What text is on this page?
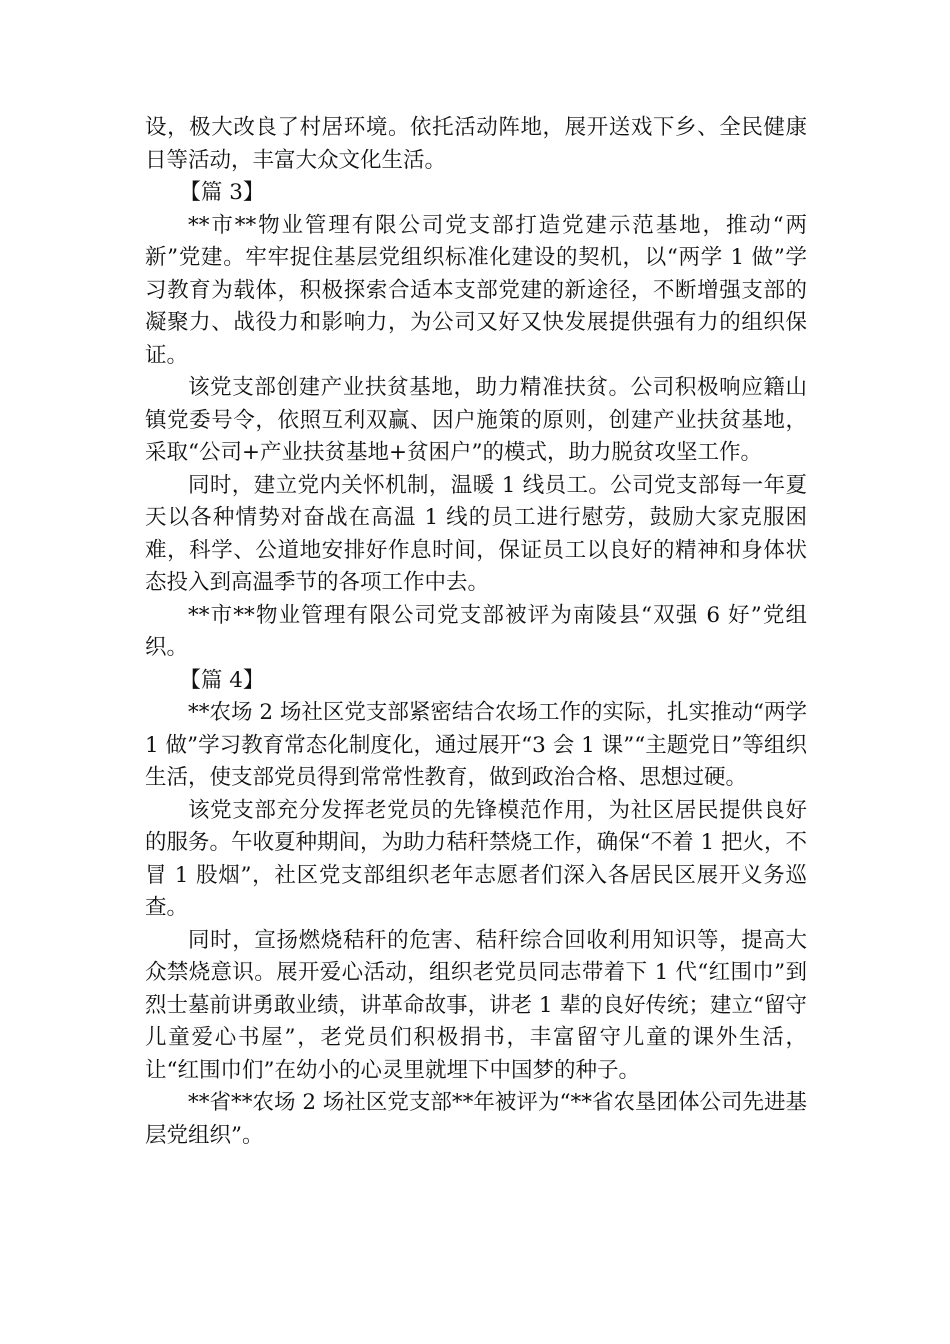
设，极大改良了村居环境。依托活动阵地，展开送戏下乡、全民健康日等活动，丰富大众文化生活。

【篇 3】

**市**物业管理有限公司党支部打造党建示范基地，推动“两新”党建。牢牢捉住基层党组织标准化建设的契机，以“两学 1 做”学习教育为载体，积极探索合适本支部党建的新途径，不断增强支部的凝聚力、战役力和影响力，为公司又好又快发展提供强有力的组织保证。

该党支部创建产业扶贫基地，助力精准扶贫。公司积极响应籍山镇党委号令，依照互利双赢、因户施策的原则，创建产业扶贫基地，采取“公司+产业扶贫基地+贫困户”的模式，助力脱贫攻坚工作。

同时，建立党内关怀机制，温暖 1 线员工。公司党支部每一年夏天以各种情势对奋战在高温 1 线的员工进行慰劳，鼓励大家克服困难，科学、公道地安排好作息时间，保证员工以良好的精神和身体状态投入到高温季节的各项工作中去。

**市**物业管理有限公司党支部被评为南陵县“双强 6 好”党组织。

【篇 4】

**农场 2 场社区党支部紧密结合农场工作的实际，扎实推动“两学 1 做”学习教育常态化制度化，通过展开“3 会 1 课”“主题党日”等组织生活，使支部党员得到常常性教育，做到政治合格、思想过硬。

该党支部充分发挥老党员的先锋模范作用，为社区居民提供良好的服务。午收夏种期间，为助力秸秆禁烧工作，确保“不着 1 把火，不冒 1 股烟”，社区党支部组织老年志愿者们深入各居民区展开义务巡查。

同时，宣扬燃烧秸秆的危害、秸秆综合回收利用知识等，提高大众禁烧意识。展开爱心活动，组织老党员同志带着下 1 代“红围巾”到烈士墓前讲勇敢业绩，讲革命故事，讲老 1 辈的良好传统；建立“留守儿童爱心书屋”，老党员们积极捐书，丰富留守儿童的课外生活，让“红围巾们”在幼小的心灵里就埋下中国梦的种子。

**省**农场 2 场社区党支部**年被评为“**省农垦团体公司先进基层党组织”。
